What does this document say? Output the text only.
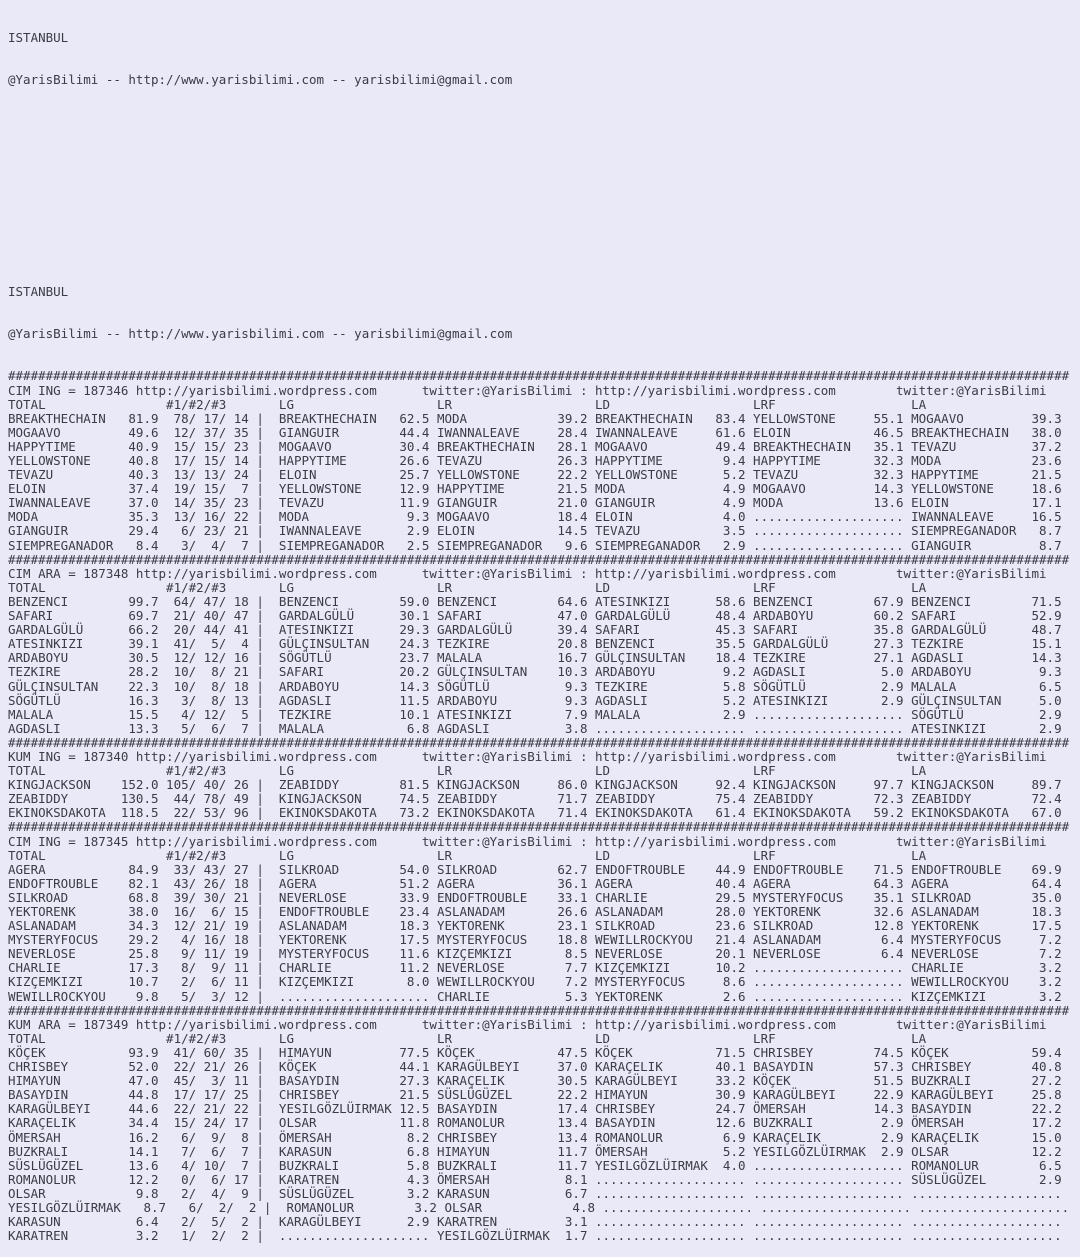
ISTANBUL

@YarisBilimi -- http://www.yarisbilimi.com -- yarisbilimi@gmail.com

ISTANBUL

@YarisBilimi -- http://www.yarisbilimi.com -- yarisbilimi@gmail.com

#############################################################################################################################################
CIM ING = 187346 http://yarisbilimi.wordpress.com      twitter:@YarisBilimi : http://yarisbilimi.wordpress.com        twitter:@YarisBilimi
TOTAL                #1/#2/#3       LG                   LR                   LD                   LRF                  LA
BREAKTHECHAIN   81.9  78/ 17/ 14 |  BREAKTHECHAIN   62.5 MODA            39.2 BREAKTHECHAIN   83.4 YELLOWSTONE     55.1 MOGAAVO         39.3
MOGAAVO         49.6  12/ 37/ 35 |  GIANGUIR        44.4 IWANNALEAVE     28.4 IWANNALEAVE     61.6 ELOIN           46.5 BREAKTHECHAIN   38.0
HAPPYTIME       40.9  15/ 15/ 23 |  MOGAAVO         30.4 BREAKTHECHAIN   28.1 MOGAAVO         49.4 BREAKTHECHAIN   35.1 TEVAZU          37.2
YELLOWSTONE     40.8  17/ 15/ 14 |  HAPPYTIME       26.6 TEVAZU          26.3 HAPPYTIME        9.4 HAPPYTIME       32.3 MODA            23.6
TEVAZU          40.3  13/ 13/ 24 |  ELOIN           25.7 YELLOWSTONE     22.2 YELLOWSTONE      5.2 TEVAZU          32.3 HAPPYTIME       21.5
ELOIN           37.4  19/ 15/  7 |  YELLOWSTONE     12.9 HAPPYTIME       21.5 MODA             4.9 MOGAAVO         14.3 YELLOWSTONE     18.6
IWANNALEAVE     37.0  14/ 35/ 23 |  TEVAZU          11.9 GIANGUIR        21.0 GIANGUIR         4.9 MODA            13.6 ELOIN           17.1
MODA            35.3  13/ 16/ 22 |  MODA             9.3 MOGAAVO         18.4 ELOIN            4.0 .................... IWANNALEAVE     16.5
GIANGUIR        29.4   6/ 23/ 21 |  IWANNALEAVE      2.9 ELOIN           14.5 TEVAZU           3.5 .................... SIEMPREGANADOR   8.7
SIEMPREGANADOR   8.4   3/  4/  7 |  SIEMPREGANADOR   2.5 SIEMPREGANADOR   9.6 SIEMPREGANADOR   2.9 .................... GIANGUIR         8.7
#############################################################################################################################################
CIM ARA = 187348 http://yarisbilimi.wordpress.com      twitter:@YarisBilimi : http://yarisbilimi.wordpress.com        twitter:@YarisBilimi
TOTAL                #1/#2/#3       LG                   LR                   LD                   LRF                  LA
BENZENCI        99.7  64/ 47/ 18 |  BENZENCI        59.0 BENZENCI        64.6 ATESINKIZI      58.6 BENZENCI        67.9 BENZENCI        71.5
SAFARI          69.7  21/ 40/ 47 |  GARDALGÜLÜ      30.1 SAFARI          47.0 GARDALGÜLÜ      48.4 ARDABOYU        60.2 SAFARI          52.9
GARDALGÜLÜ      66.2  20/ 44/ 41 |  ATESINKIZI      29.3 GARDALGÜLÜ      39.4 SAFARI          45.3 SAFARI          35.8 GARDALGÜLÜ      48.7
ATESINKIZI      39.1  41/  5/  4 |  GÜLÇINSULTAN    24.3 TEZKIRE         20.8 BENZENCI        35.5 GARDALGÜLÜ      27.3 TEZKIRE         15.1
ARDABOYU        30.5  12/ 12/ 16 |  SÖGÜTLÜ         23.7 MALALA          16.7 GÜLÇINSULTAN    18.4 TEZKIRE         27.1 AGDASLI         14.3
TEZKIRE         28.2  10/  8/ 21 |  SAFARI          20.2 GÜLÇINSULTAN    10.3 ARDABOYU         9.2 AGDASLI          5.0 ARDABOYU         9.3
GÜLÇINSULTAN    22.3  10/  8/ 18 |  ARDABOYU        14.3 SÖGÜTLÜ          9.3 TEZKIRE          5.8 SÖGÜTLÜ          2.9 MALALA           6.5
SÖGÜTLÜ         16.3   3/  8/ 13 |  AGDASLI         11.5 ARDABOYU         9.3 AGDASLI          5.2 ATESINKIZI       2.9 GÜLÇINSULTAN     5.0
MALALA          15.5   4/ 12/  5 |  TEZKIRE         10.1 ATESINKIZI       7.9 MALALA           2.9 .................... SÖGÜTLÜ          2.9
AGDASLI         13.3   5/  6/  7 |  MALALA           6.8 AGDASLI          3.8 .................... .................... ATESINKIZI       2.9
#############################################################################################################################################
KUM ING = 187340 http://yarisbilimi.wordpress.com      twitter:@YarisBilimi : http://yarisbilimi.wordpress.com        twitter:@YarisBilimi
TOTAL                #1/#2/#3       LG                   LR                   LD                   LRF                  LA
KINGJACKSON    152.0 105/ 40/ 26 |  ZEABIDDY        81.5 KINGJACKSON     86.0 KINGJACKSON     92.4 KINGJACKSON     97.7 KINGJACKSON     89.7
ZEABIDDY       130.5  44/ 78/ 49 |  KINGJACKSON     74.5 ZEABIDDY        71.7 ZEABIDDY        75.4 ZEABIDDY        72.3 ZEABIDDY        72.4
EKINOKSDAKOTA  118.5  22/ 53/ 96 |  EKINOKSDAKOTA   73.2 EKINOKSDAKOTA   71.4 EKINOKSDAKOTA   61.4 EKINOKSDAKOTA   59.2 EKINOKSDAKOTA   67.0
#############################################################################################################################################
CIM ING = 187345 http://yarisbilimi.wordpress.com      twitter:@YarisBilimi : http://yarisbilimi.wordpress.com        twitter:@YarisBilimi
TOTAL                #1/#2/#3       LG                   LR                   LD                   LRF                  LA
AGERA           84.9  33/ 43/ 27 |  SILKROAD        54.0 SILKROAD        62.7 ENDOFTROUBLE    44.9 ENDOFTROUBLE    71.5 ENDOFTROUBLE    69.9
ENDOFTROUBLE    82.1  43/ 26/ 18 |  AGERA           51.2 AGERA           36.1 AGERA           40.4 AGERA           64.3 AGERA           64.4
SILKROAD        68.8  39/ 30/ 21 |  NEVERLOSE       33.9 ENDOFTROUBLE    33.1 CHARLIE         29.5 MYSTERYFOCUS    35.1 SILKROAD        35.0
YEKTORENK       38.0  16/  6/ 15 |  ENDOFTROUBLE    23.4 ASLANADAM       26.6 ASLANADAM       28.0 YEKTORENK       32.6 ASLANADAM       18.3
ASLANADAM       34.3  12/ 21/ 19 |  ASLANADAM       18.3 YEKTORENK       23.1 SILKROAD        23.6 SILKROAD        12.8 YEKTORENK       17.5
MYSTERYFOCUS    29.2   4/ 16/ 18 |  YEKTORENK       17.5 MYSTERYFOCUS    18.8 WEWILLROCKYOU   21.4 ASLANADAM        6.4 MYSTERYFOCUS     7.2
NEVERLOSE       25.8   9/ 11/ 19 |  MYSTERYFOCUS    11.6 KIZÇEMKIZI       8.5 NEVERLOSE       20.1 NEVERLOSE        6.4 NEVERLOSE        7.2
CHARLIE         17.3   8/  9/ 11 |  CHARLIE         11.2 NEVERLOSE        7.7 KIZÇEMKIZI      10.2 .................... CHARLIE          3.2
KIZÇEMKIZI      10.7   2/  6/ 11 |  KIZÇEMKIZI       8.0 WEWILLROCKYOU    7.2 MYSTERYFOCUS     8.6 .................... WEWILLROCKYOU    3.2
WEWILLROCKYOU    9.8   5/  3/ 12 |  .................... CHARLIE          5.3 YEKTORENK        2.6 .................... KIZÇEMKIZI       3.2
#############################################################################################################################################
KUM ARA = 187349 http://yarisbilimi.wordpress.com      twitter:@YarisBilimi : http://yarisbilimi.wordpress.com        twitter:@YarisBilimi
TOTAL                #1/#2/#3       LG                   LR                   LD                   LRF                  LA
KÖÇEK           93.9  41/ 60/ 35 |  HIMAYUN         77.5 KÖÇEK           47.5 KÖÇEK           71.5 CHRISBEY        74.5 KÖÇEK           59.4
CHRISBEY        52.0  22/ 21/ 26 |  KÖÇEK           44.1 KARAGÜLBEYI     37.0 KARAÇELIK       40.1 BASAYDIN        57.3 CHRISBEY        40.8
HIMAYUN         47.0  45/  3/ 11 |  BASAYDIN        27.3 KARAÇELIK       30.5 KARAGÜLBEYI     33.2 KÖÇEK           51.5 BUZKRALI        27.2
BASAYDIN        44.8  17/ 17/ 25 |  CHRISBEY        21.5 SÜSLÜGÜZEL      22.2 HIMAYUN         30.9 KARAGÜLBEYI     22.9 KARAGÜLBEYI     25.8
KARAGÜLBEYI     44.6  22/ 21/ 22 |  YESILGÖZLÜIRMAK 12.5 BASAYDIN        17.4 CHRISBEY        24.7 ÖMERSAH         14.3 BASAYDIN        22.2
KARAÇELIK       34.4  15/ 24/ 17 |  OLSAR           11.8 ROMANOLUR       13.4 BASAYDIN        12.6 BUZKRALI         2.9 ÖMERSAH         17.2
ÖMERSAH         16.2   6/  9/  8 |  ÖMERSAH          8.2 CHRISBEY        13.4 ROMANOLUR        6.9 KARAÇELIK        2.9 KARAÇELIK       15.0
BUZKRALI        14.1   7/  6/  7 |  KARASUN          6.8 HIMAYUN         11.7 ÖMERSAH          5.2 YESILGÖZLÜIRMAK  2.9 OLSAR           12.2
SÜSLÜGÜZEL      13.6   4/ 10/  7 |  BUZKRALI         5.8 BUZKRALI        11.7 YESILGÖZLÜIRMAK  4.0 .................... ROMANOLUR        6.5
ROMANOLUR       12.2   0/  6/ 17 |  KARATREN         4.3 ÖMERSAH          8.1 .................... .................... SÜSLÜGÜZEL       2.9
OLSAR            9.8   2/  4/  9 |  SÜSLÜGÜZEL       3.2 KARASUN          6.7 .................... .................... ....................
YESILGÖZLÜIRMAK   8.7   6/  2/  2 |  ROMANOLUR        3.2 OLSAR            4.8 .................... .................... ....................
KARASUN          6.4   2/  5/  2 |  KARAGÜLBEYI      2.9 KARATREN         3.1 .................... .................... ....................
KARATREN         3.2   1/  2/  2 |  .................... YESILGÖZLÜIRMAK  1.7 .................... .................... ....................
